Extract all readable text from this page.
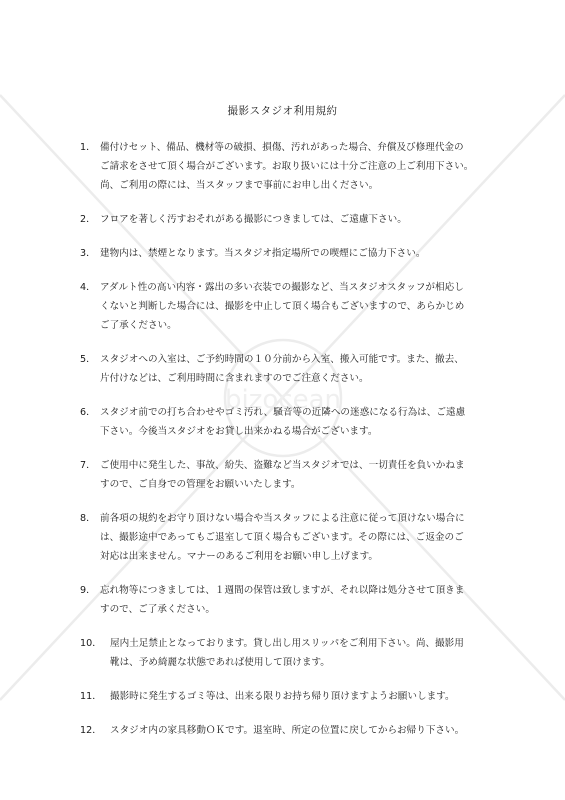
bizocean
撮影スタジオ利用規約
1． 備付けセット、備品、機材等の破損、損傷、汚れがあった場合、弁償及び修理代金の
ご請求をさせて頂く場合がございます。お取り扱いには十分ご注意の上ご利用下さい。
尚、ご利用の際には、当スタッフまで事前にお申し出ください。
2． フロアを著しく汚すおそれがある撮影につきましては、ご遠慮下さい。
3． 建物内は、禁煙となります。当スタジオ指定場所での喫煙にご協力下さい。
4． アダルト性の高い内容・露出の多い衣装での撮影など、当スタジオスタッフが相応し
くないと判断した場合には、撮影を中止して頂く場合もございますので、あらかじめ
ご了承ください。
5． スタジオへの入室は、ご予約時間の１０分前から入室、搬入可能です。また、撤去、
片付けなどは、ご利用時間に含まれますのでご注意ください。
6． スタジオ前での打ち合わせやゴミ汚れ、騒音等の近隣への迷惑になる行為は、ご遠慮
下さい。今後当スタジオをお貸し出来かねる場合がございます。
7． ご使用中に発生した、事故、紛失、盗難など当スタジオでは、一切責任を負いかねま
すので、ご自身での管理をお願いいたします。
8． 前各項の規約をお守り頂けない場合や当スタッフによる注意に従って頂けない場合に
は、撮影途中であってもご退室して頂く場合もございます。その際には、ご返金のご
対応は出来ません。マナーのあるご利用をお願い申し上げます。
9． 忘れ物等につきましては、１週間の保管は致しますが、それ以降は処分させて頂きま
すので、ご了承ください。
10． 屋内土足禁止となっております。貸し出し用スリッパをご利用下さい。尚、撮影用
靴は、予め綺麗な状態であれば使用して頂けます。
11． 撮影時に発生するゴミ等は、出来る限りお持ち帰り頂けますようお願いします。
12． スタジオ内の家具移動ＯＫです。退室時、所定の位置に戻してからお帰り下さい。
